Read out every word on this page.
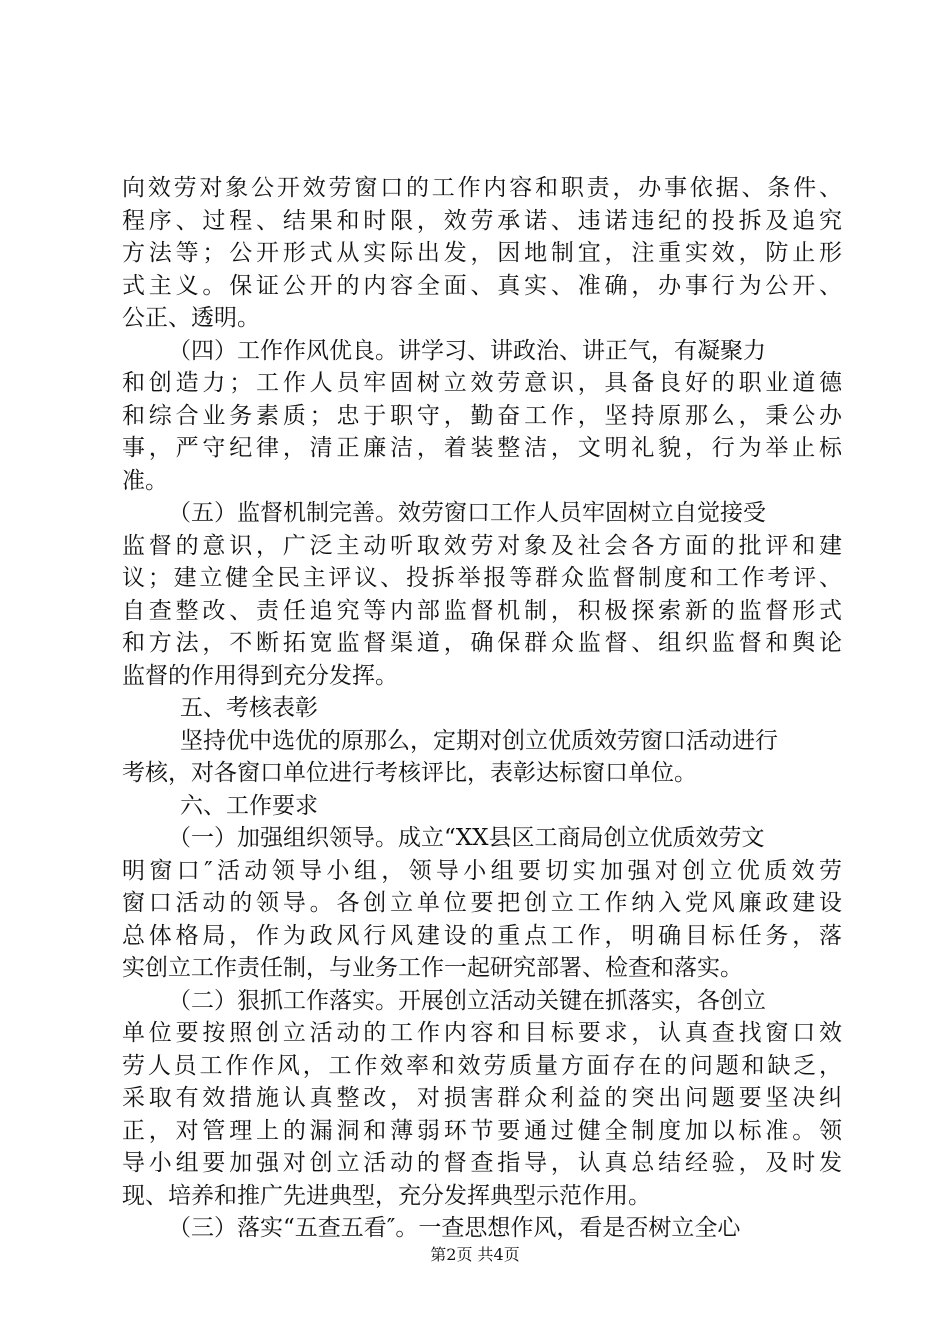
向效劳对象公开效劳窗口的工作内容和职责，办事依据、条件、
程序、过程、结果和时限，效劳承诺、违诺违纪的投拆及追究
方法等；公开形式从实际出发，因地制宜，注重实效，防止形
式主义。保证公开的内容全面、真实、准确，办事行为公开、
公正、透明。
（四）工作作风优良。讲学习、讲政治、讲正气，有凝聚力
和创造力；工作人员牢固树立效劳意识，具备良好的职业道德
和综合业务素质；忠于职守，勤奋工作，坚持原那么，秉公办
事，严守纪律，清正廉洁，着装整洁，文明礼貌，行为举止标
准。
（五）监督机制完善。效劳窗口工作人员牢固树立自觉接受
监督的意识，广泛主动听取效劳对象及社会各方面的批评和建
议；建立健全民主评议、投拆举报等群众监督制度和工作考评、
自查整改、责任追究等内部监督机制，积极探索新的监督形式
和方法，不断拓宽监督渠道，确保群众监督、组织监督和舆论
监督的作用得到充分发挥。
五、考核表彰
坚持优中选优的原那么，定期对创立优质效劳窗口活动进行
考核，对各窗口单位进行考核评比，表彰达标窗口单位。
六、工作要求
（一）加强组织领导。成立“XX县区工商局创立优质效劳文
明窗口″活动领导小组，领导小组要切实加强对创立优质效劳
窗口活动的领导。各创立单位要把创立工作纳入党风廉政建设
总体格局，作为政风行风建设的重点工作，明确目标任务，落
实创立工作责任制，与业务工作一起研究部署、检查和落实。
（二）狠抓工作落实。开展创立活动关键在抓落实，各创立
单位要按照创立活动的工作内容和目标要求，认真查找窗口效
劳人员工作作风，工作效率和效劳质量方面存在的问题和缺乏，
采取有效措施认真整改，对损害群众利益的突出问题要坚决纠
正，对管理上的漏洞和薄弱环节要通过健全制度加以标准。领
导小组要加强对创立活动的督查指导，认真总结经验，及时发
现、培养和推广先进典型，充分发挥典型示范作用。
（三）落实“五查五看″。一查思想作风，看是否树立全心
第2页 共4页
